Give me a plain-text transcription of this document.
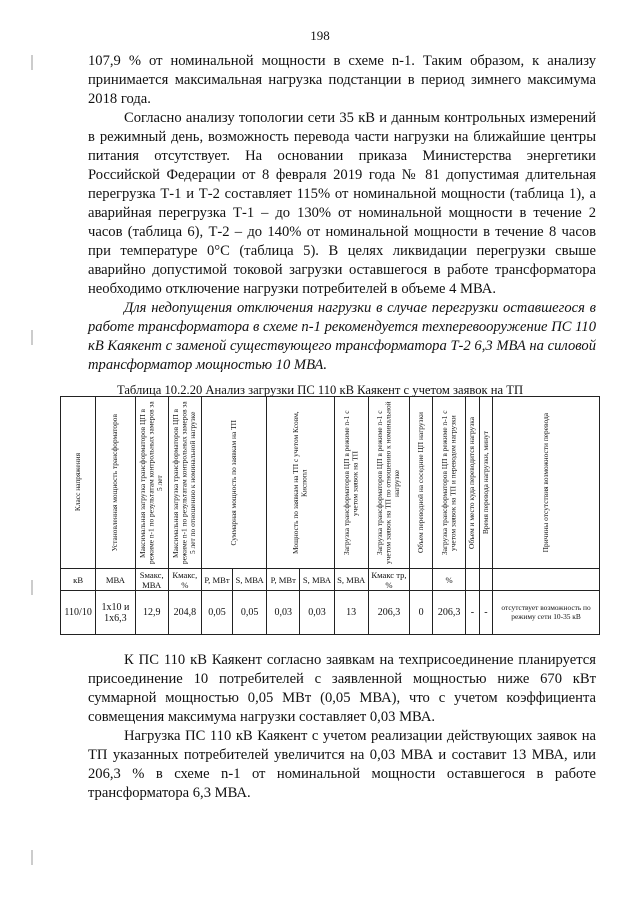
198

107,9 % от номинальной мощности в схеме n-1. Таким образом, к анализу принимается максимальная нагрузка подстанции в период зимнего максимума 2018 года.

Согласно анализу топологии сети 35 кВ и данным контрольных измерений в режимный день, возможность перевода части нагрузки на ближайшие центры питания отсутствует. На основании приказа Министерства энергетики Российской Федерации от 8 февраля 2019 года № 81 допустимая длительная перегрузка Т-1 и Т-2 составляет 115% от номинальной мощности (таблица 1), а аварийная перегрузка Т-1 – до 130% от номинальной мощности в течение 2 часов (таблица 6), Т-2 – до 140% от номинальной мощности в течение 8 часов при температуре 0°С (таблица 5). В целях ликвидации перегрузки свыше аварийно допустимой токовой загрузки оставшегося в работе трансформатора необходимо отключение нагрузки потребителей в объеме 4 МВА.

Для недопущения отключения нагрузки в случае перегрузки оставшегося в работе трансформатора в схеме n-1 рекомендуется техперевооружение ПС 110 кВ Каякент с заменой существующего трансформатора Т-2 6,3 МВА на силовой трансформатор мощностью 10 МВА.

Таблица 10.2.20 Анализ загрузки ПС 110 кВ Каякент с учетом заявок на ТП
Класс напряжения	Установленная мощность трансформаторов	Максимальная загрузка трансформаторов ЦП в режиме n-1 по результатам контрольных замеров за 5 лет	Максимальная загрузка трансформаторов ЦП в режиме n-1 по результатам контрольных замеров за 5 лет по отношению к номинальной нагрузке	Суммарная мощность по заявкам на ТП		Мощность по заявкам на ТП с учетом Ксовм, Киспопл		Загрузка трансформаторов ЦП в режиме n-1 с учетом заявок на ТП	Загрузка трансформаторов ЦП в режиме n-1 с учетом заявок на ТП по отношению к номинальной нагрузке	Объем переводной на соседние ЦП нагрузки	Загрузка трансформаторов ЦП в режиме n-1 с учетом заявок на ТП и переводом нагрузки	Объем и место куда переводится нагрузка	Время перевода нагрузки, минут	Причины отсутствия возможности перевода

кВ	МВА	Sмакс, МВА	Кмакс, %	P, МВт	S, МВА	P, МВт	S, МВА	S, МВА	Кмакс тр, %		%			
110/10	1x10 и 1x6,3	12,9	204,8	0,05	0,05	0,03	0,03	13	206,3	0	206,3	-	-	отсутствует возможность по режиму сети 10-35 кВ

К ПС 110 кВ Каякент согласно заявкам на техприсоединение планируется присоединение 10 потребителей с заявленной мощностью ниже 670 кВт суммарной мощностью 0,05 МВт (0,05 МВА), что с учетом коэффициента совмещения максимума нагрузки составляет 0,03 МВА.

Нагрузка ПС 110 кВ Каякент с учетом реализации действующих заявок на ТП указанных потребителей увеличится на 0,03 МВА и составит 13 МВА, или 206,3 % в схеме n-1 от номинальной мощности оставшегося в работе трансформатора 6,3 МВА.
